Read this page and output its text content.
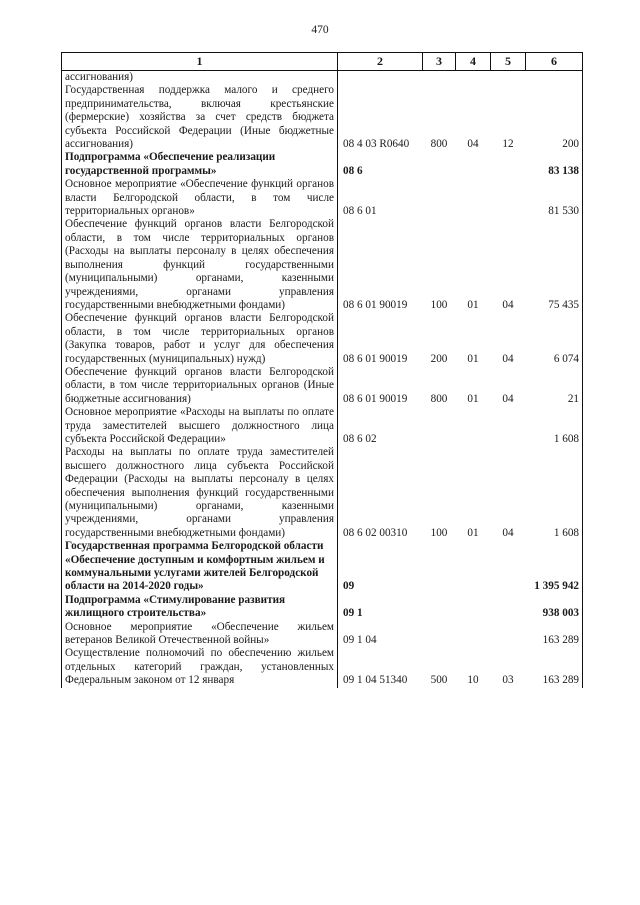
470
1	2	3	4	5	6
ассигнования)					
Государственная поддержка малого и среднего предпринимательства, включая крестьянские (фермерские) хозяйства за счет средств бюджета субъекта Российской Федерации (Иные бюджетные ассигнования)	08 4 03 R0640	800	04	12	200
Подпрограмма «Обеспечение реализации государственной программы»	08 6				83 138
Основное мероприятие «Обеспечение функций органов власти Белгородской области, в том числе территориальных органов»	08 6 01				81 530
Обеспечение функций органов власти Белгородской области, в том числе территориальных органов (Расходы на выплаты персоналу в целях обеспечения выполнения функций государственными (муниципальными) органами, казенными учреждениями, органами управления государственными внебюджетными фондами)	08 6 01 90019	100	01	04	75 435
Обеспечение функций органов власти Белгородской области, в том числе территориальных органов (Закупка товаров, работ и услуг для обеспечения государственных (муниципальных) нужд)	08 6 01 90019	200	01	04	6 074
Обеспечение функций органов власти Белгородской области, в том числе территориальных органов (Иные бюджетные ассигнования)	08 6 01 90019	800	01	04	21
Основное мероприятие «Расходы на выплаты по оплате труда заместителей высшего должностного лица субъекта Российской Федерации»	08 6 02				1 608
Расходы на выплаты по оплате труда заместителей высшего должностного лица субъекта Российской Федерации (Расходы на выплаты персоналу в целях обеспечения выполнения функций государственными (муниципальными) органами, казенными учреждениями, органами управления государственными внебюджетными фондами)	08 6 02 00310	100	01	04	1 608
Государственная программа Белгородской области «Обеспечение доступным и комфортным жильем и коммунальными услугами жителей Белгородской области на 2014-2020 годы»	09				1 395 942
Подпрограмма «Стимулирование развития жилищного строительства»	09 1				938 003
Основное мероприятие «Обеспечение жильем ветеранов Великой Отечественной войны»	09 1 04				163 289
Осуществление полномочий по обеспечению жильем отдельных категорий граждан, установленных Федеральным законом от 12 января	09 1 04 51340	500	10	03	163 289
